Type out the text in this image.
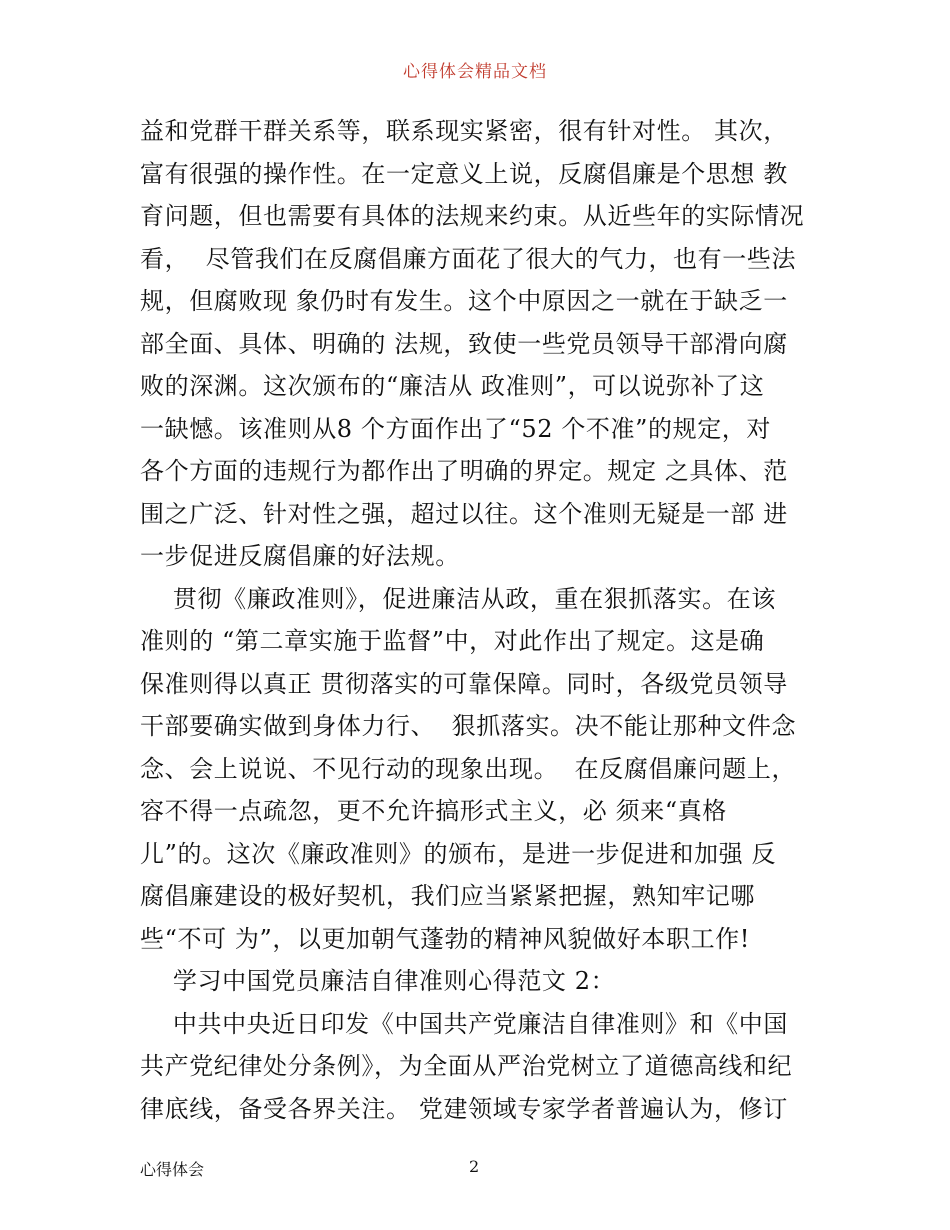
心得体会精品文档
益和党群干群关系等，联系现实紧密，很有针对性。 其次，
富有很强的操作性。在一定意义上说，反腐倡廉是个思想 教
育问题，但也需要有具体的法规来约束。从近些年的实际情况
看，  尽管我们在反腐倡廉方面花了很大的气力，也有一些法
规，但腐败现 象仍时有发生。这个中原因之一就在于缺乏一
部全面、具体、明确的 法规，致使一些党员领导干部滑向腐
败的深渊。这次颁布的“廉洁从 政准则”，可以说弥补了这
一缺憾。该准则从8 个方面作出了“52 个不准”的规定，对
各个方面的违规行为都作出了明确的界定。规定 之具体、范
围之广泛、针对性之强，超过以往。这个准则无疑是一部 进
一步促进反腐倡廉的好法规。
贯彻《廉政准则》，促进廉洁从政，重在狠抓落实。在该
准则的 “第二章实施于监督”中，对此作出了规定。这是确
保准则得以真正 贯彻落实的可靠保障。同时，各级党员领导
干部要确实做到身体力行、  狠抓落实。决不能让那种文件念
念、会上说说、不见行动的现象出现。  在反腐倡廉问题上，
容不得一点疏忽，更不允许搞形式主义，必 须来“真格
儿”的。这次《廉政准则》的颁布，是进一步促进和加强 反
腐倡廉建设的极好契机，我们应当紧紧把握，熟知牢记哪
些“不可 为”，以更加朝气蓬勃的精神风貌做好本职工作!
学习中国党员廉洁自律准则心得范文 2：
中共中央近日印发《中国共产党廉洁自律准则》和《中国
共产党纪律处分条例》，为全面从严治党树立了道德高线和纪
律底线，备受各界关注。 党建领域专家学者普遍认为，修订
心得体会	2
